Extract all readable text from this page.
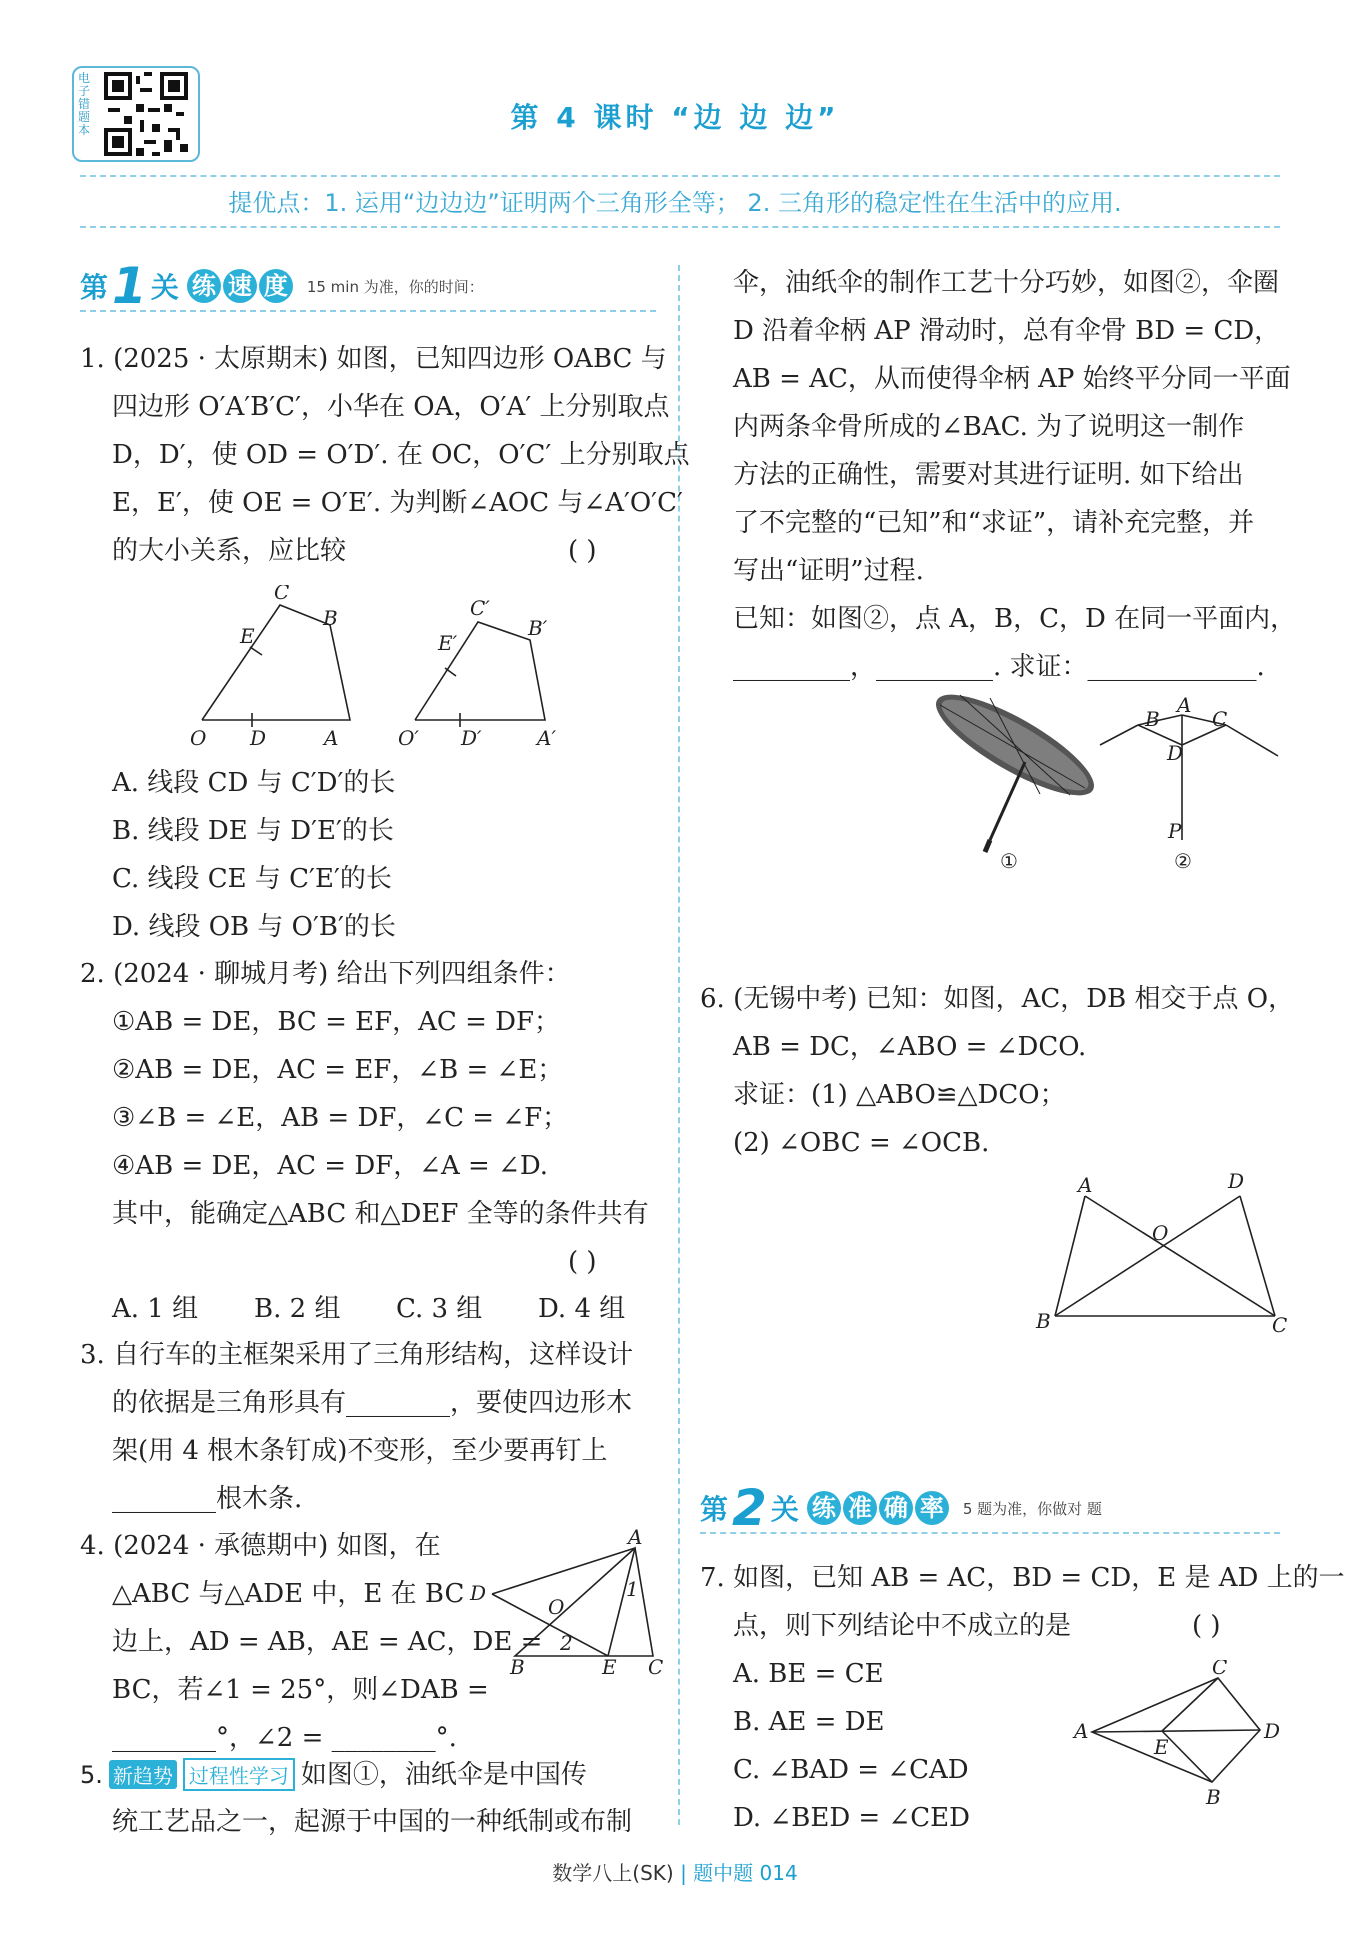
电子错题本	第 4 课时 “边 边 边”
提优点：1. 运用“边边边”证明两个三角形全等； 2. 三角形的稳定性在生活中的应用.
第 1 关 练 速 度	15 min 为准，你的时间：
1. (2025 · 太原期末) 如图，已知四边形 OABC 与
四边形 O′A′B′C′，小华在 OA，O′A′ 上分别取点
D，D′，使 OD = O′D′. 在 OC，O′C′ 上分别取点
E，E′，使 OE = O′E′. 为判断∠AOC 与∠A′O′C′
的大小关系，应比较	( )
C
B
E
O D	A
C′
B′
E′
O′ D′	A′
A. 线段 CD 与 C′D′的长
B. 线段 DE 与 D′E′的长
C. 线段 CE 与 C′E′的长
D. 线段 OB 与 O′B′的长
2. (2024 · 聊城月考) 给出下列四组条件：
①AB = DE，BC = EF，AC = DF；
②AB = DE，AC = EF，∠B = ∠E；
③∠B = ∠E，AB = DF，∠C = ∠F；
④AB = DE，AC = DF，∠A = ∠D.
其中，能确定△ABC 和△DEF 全等的条件共有
( )
A. 1 组	B. 2 组	C. 3 组	D. 4 组
3. 自行车的主框架采用了三角形结构，这样设计
的依据是三角形具有________，要使四边形木
架(用 4 根木条钉成)不变形，至少要再钉上
________根木条.
4. (2024 · 承德期中) 如图，在
△ABC 与△ADE 中，E 在 BC
边上，AD = AB，AE = AC，DE =
BC，若∠1 = 25°，则∠DAB =
________°，∠2 = ________°.
A
D
O
1
2
B	E C
5. 新趋势 过程性学习 如图①，油纸伞是中国传
统工艺品之一，起源于中国的一种纸制或布制
伞，油纸伞的制作工艺十分巧妙，如图②，伞圈
D 沿着伞柄 AP 滑动时，总有伞骨 BD = CD，
AB = AC，从而使得伞柄 AP 始终平分同一平面
内两条伞骨所成的∠BAC. 为了说明这一制作
方法的正确性，需要对其进行证明. 如下给出
了不完整的“已知”和“求证”，请补充完整，并
写出“证明”过程.
已知：如图②，点 A，B，C，D 在同一平面内，
_________，_________. 求证：_____________.
A
B	C
D
P
①	②
6. (无锡中考) 已知：如图，AC，DB 相交于点 O，
AB = DC，∠ABO = ∠DCO.
求证：(1) △ABO≌△DCO；
(2) ∠OBC = ∠OCB.
A	D
O
B	C
第 2 关 练 准 确 率	5 题为准，你做对 题
7. 如图，已知 AB = AC，BD = CD，E 是 AD 上的一
点，则下列结论中不成立的是	( )
A. BE = CE
B. AE = DE
C. ∠BAD = ∠CAD
D. ∠BED = ∠CED
C
A
E
D
B
数学八上(SK) | 题中题 014
